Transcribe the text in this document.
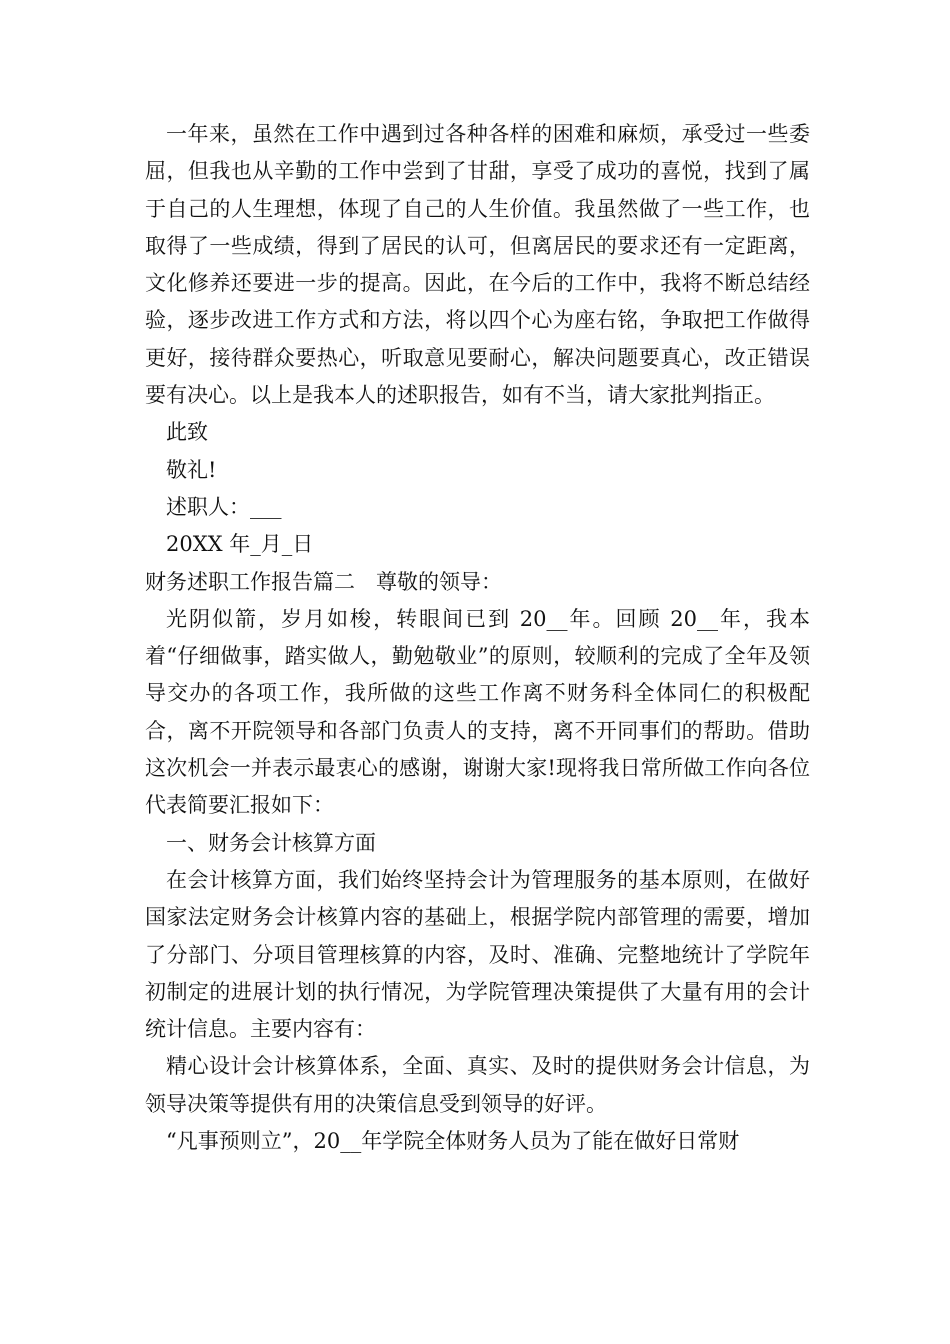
一年来，虽然在工作中遇到过各种各样的困难和麻烦，承受过一些委屈，但我也从辛勤的工作中尝到了甘甜，享受了成功的喜悦，找到了属于自己的人生理想，体现了自己的人生价值。我虽然做了一些工作，也取得了一些成绩，得到了居民的认可，但离居民的要求还有一定距离，文化修养还要进一步的提高。因此，在今后的工作中，我将不断总结经验，逐步改进工作方式和方法，将以四个心为座右铭，争取把工作做得更好，接待群众要热心，听取意见要耐心，解决问题要真心，改正错误要有决心。以上是我本人的述职报告，如有不当，请大家批判指正。

此致

敬礼!

述职人：___

20XX 年_月_日

财务述职工作报告篇二　尊敬的领导：

光阴似箭，岁月如梭，转眼间已到 20__年。回顾 20__年，我本着“仔细做事，踏实做人，勤勉敬业”的原则，较顺利的完成了全年及领导交办的各项工作，我所做的这些工作离不财务科全体同仁的积极配合，离不开院领导和各部门负责人的支持，离不开同事们的帮助。借助这次机会一并表示最衷心的感谢，谢谢大家!现将我日常所做工作向各位代表简要汇报如下：

一、财务会计核算方面

在会计核算方面，我们始终坚持会计为管理服务的基本原则，在做好国家法定财务会计核算内容的基础上，根据学院内部管理的需要，增加了分部门、分项目管理核算的内容，及时、准确、完整地统计了学院年初制定的进展计划的执行情况，为学院管理决策提供了大量有用的会计统计信息。主要内容有：

精心设计会计核算体系，全面、真实、及时的提供财务会计信息，为领导决策等提供有用的决策信息受到领导的好评。

“凡事预则立”，20__年学院全体财务人员为了能在做好日常财
